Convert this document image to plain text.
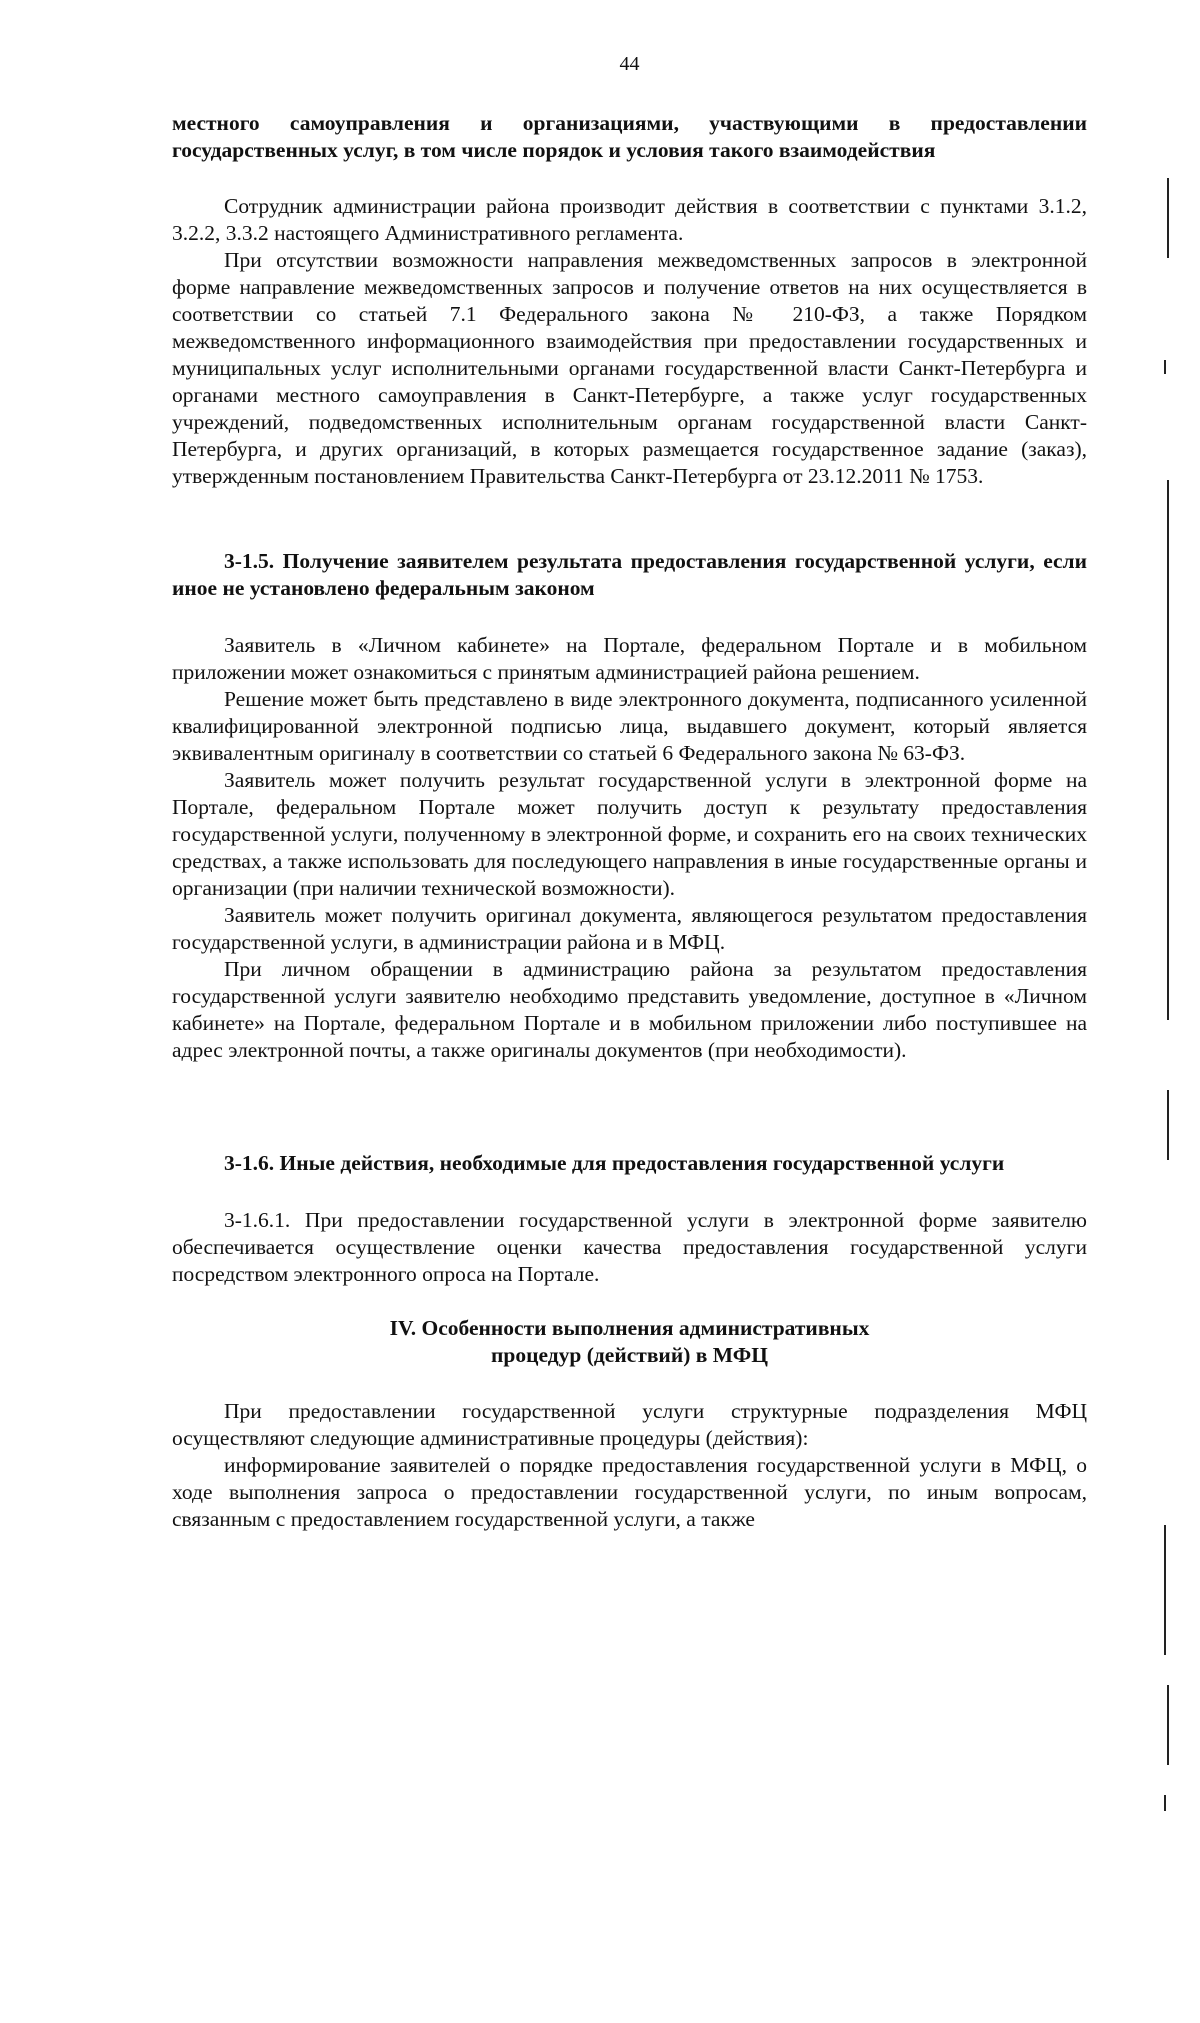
44

местного самоуправления и организациями, участвующими в предоставлении государственных услуг, в том числе порядок и условия такого взаимодействия

Сотрудник администрации района производит действия в соответствии с пунктами 3.1.2, 3.2.2, 3.3.2 настоящего Административного регламента.

При отсутствии возможности направления межведомственных запросов в электронной форме направление межведомственных запросов и получение ответов на них осуществляется в соответствии со статьей 7.1 Федерального закона № 210-ФЗ, а также Порядком межведомственного информационного взаимодействия при предоставлении государственных и муниципальных услуг исполнительными органами государственной власти Санкт-Петербурга и органами местного самоуправления в Санкт-Петербурге, а также услуг государственных учреждений, подведомственных исполнительным органам государственной власти Санкт-Петербурга, и других организаций, в которых размещается государственное задание (заказ), утвержденным постановлением Правительства Санкт-Петербурга от 23.12.2011 № 1753.

3-1.5. Получение заявителем результата предоставления государственной услуги, если иное не установлено федеральным законом

Заявитель в «Личном кабинете» на Портале, федеральном Портале и в мобильном приложении может ознакомиться с принятым администрацией района решением.

Решение может быть представлено в виде электронного документа, подписанного усиленной квалифицированной электронной подписью лица, выдавшего документ, который является эквивалентным оригиналу в соответствии со статьей 6 Федерального закона № 63-ФЗ.

Заявитель может получить результат государственной услуги в электронной форме на Портале, федеральном Портале может получить доступ к результату предоставления государственной услуги, полученному в электронной форме, и сохранить его на своих технических средствах, а также использовать для последующего направления в иные государственные органы и организации (при наличии технической возможности).

Заявитель может получить оригинал документа, являющегося результатом предоставления государственной услуги, в администрации района и в МФЦ.

При личном обращении в администрацию района за результатом предоставления государственной услуги заявителю необходимо представить уведомление, доступное в «Личном кабинете» на Портале, федеральном Портале и в мобильном приложении либо поступившее на адрес электронной почты, а также оригиналы документов (при необходимости).

3-1.6. Иные действия, необходимые для предоставления государственной услуги

3-1.6.1. При предоставлении государственной услуги в электронной форме заявителю обеспечивается осуществление оценки качества предоставления государственной услуги посредством электронного опроса на Портале.

IV. Особенности выполнения административных
процедур (действий) в МФЦ

При предоставлении государственной услуги структурные подразделения МФЦ осуществляют следующие административные процедуры (действия):

информирование заявителей о порядке предоставления государственной услуги в МФЦ, о ходе выполнения запроса о предоставлении государственной услуги, по иным вопросам, связанным с предоставлением государственной услуги, а также
